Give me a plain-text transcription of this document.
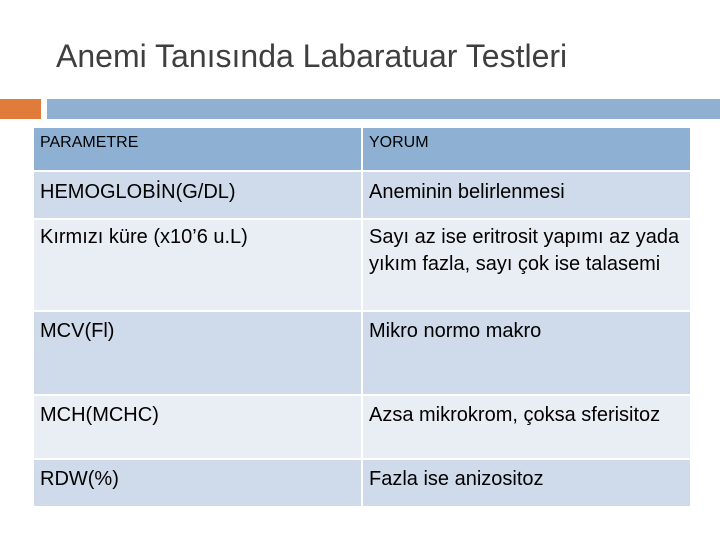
Anemi Tanısında Labaratuar Testleri
PARAMETRE	YORUM
HEMOGLOBİN(G/DL)	Aneminin belirlenmesi
Kırmızı küre (x10’6 u.L)	Sayı az ise eritrosit yapımı az yada yıkım fazla, sayı çok ise talasemi
MCV(Fl)	Mikro normo makro
MCH(MCHC)	Azsa mikrokrom, çoksa sferisitoz
RDW(%)	Fazla ise anizositoz
